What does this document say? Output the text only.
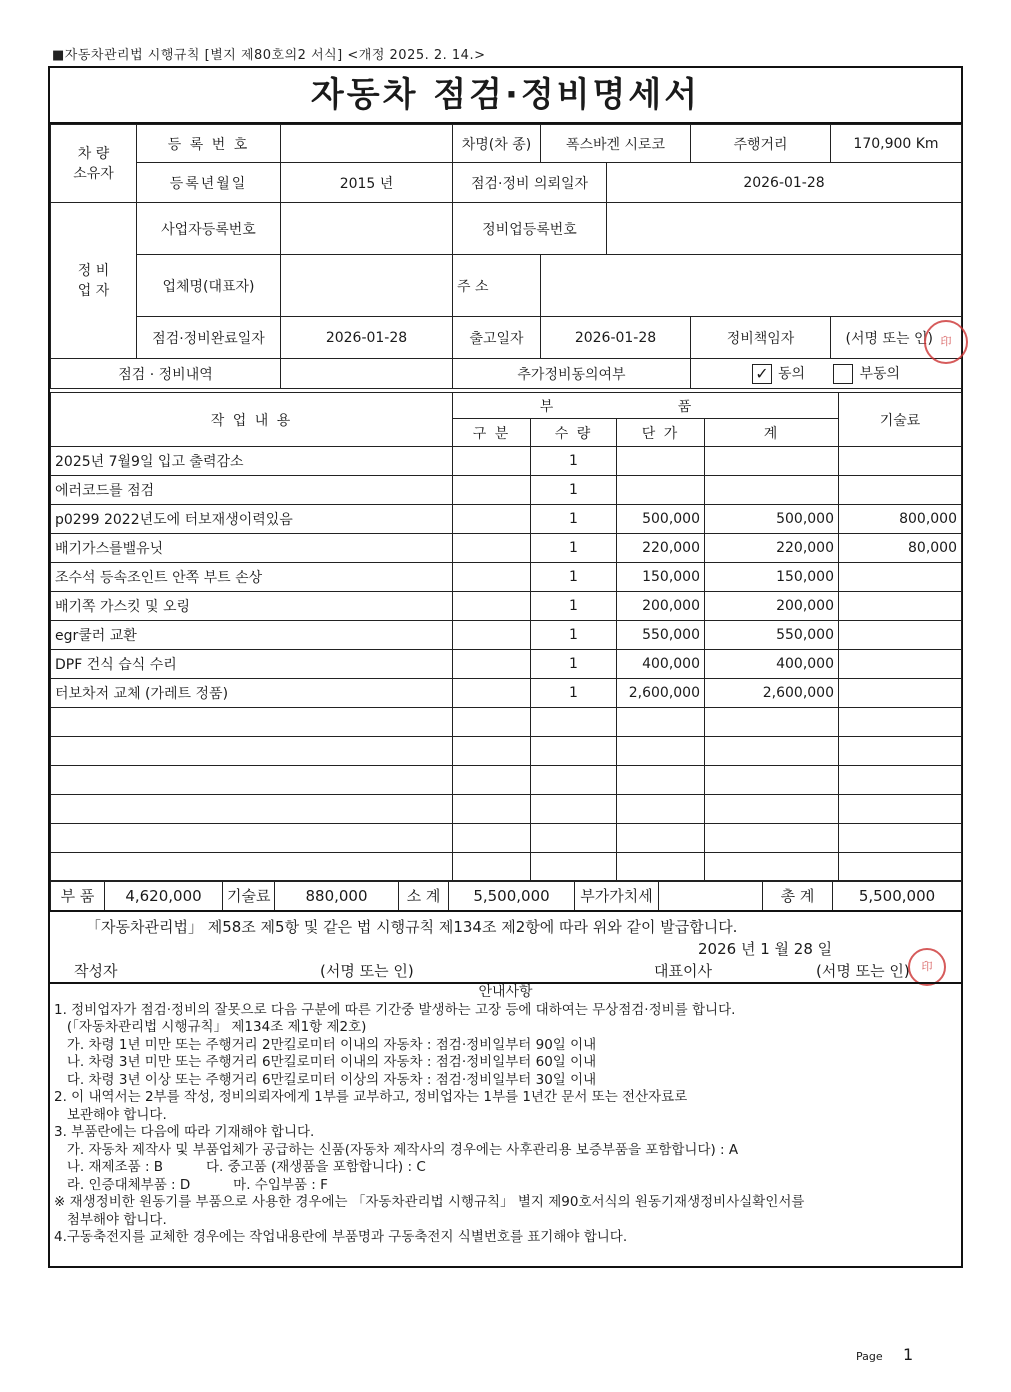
■자동차관리법 시행규칙 [별지 제80호의2 서식] <개정 2025. 2. 14.>
자동차 점검·정비명세서
차 량
소유자	등 록 번 호		차명(차 종)	폭스바겐 시로코		주행거리	170,900 Km
	등록년월일	2015 년	점검·정비 의뢰일자		2026-01-28		
정 비
업 자	사업자등록번호		정비업등록번호				
	업체명(대표자)		주 소				
	점검·정비완료일자	2026-01-28	출고일자	2026-01-28		정비책임자	(서명 또는 인)
점검 · 정비내역			추가정비동의여부			✓ 동의 부동의	
印
작 업 내 용	부 품				기술료
	구 분	수 량	단 가	계	
2025년 7월9일 입고 출력감소		1			
에러코드를 점검		1			
p0299 2022년도에 터보재생이력있음		1	500,000	500,000	800,000
배기가스를밸유닛		1	220,000	220,000	80,000
조수석 등속조인트 안쪽 부트 손상		1	150,000	150,000	
배기쪽 가스킷 및 오링		1	200,000	200,000	
egr쿨러 교환		1	550,000	550,000	
DPF 건식 습식 수리		1	400,000	400,000	
터보차저 교체 (가레트 정품)		1	2,600,000	2,600,000	

부 품	4,620,000	기술료	880,000	소 계	5,500,000	부가가치세		총 계	5,500,000
「자동차관리법」 제58조 제5항 및 같은 법 시행규칙 제134조 제2항에 따라 위와 같이 발급합니다.
2026 년 1 월 28 일
작성자	(서명 또는 인)	대표이사	(서명 또는 인)	印
안내사항
1. 정비업자가 점검·정비의 잘못으로 다음 구분에 따른 기간중 발생하는 고장 등에 대하여는 무상점검·정비를 합니다.
(「자동차관리법 시행규칙」 제134조 제1항 제2호)
가. 차령 1년 미만 또는 주행거리 2만킬로미터 이내의 자동차 : 점검·정비일부터 90일 이내
나. 차령 3년 미만 또는 주행거리 6만킬로미터 이내의 자동차 : 점검·정비일부터 60일 이내
다. 차령 3년 이상 또는 주행거리 6만킬로미터 이상의 자동차 : 점검·정비일부터 30일 이내
2. 이 내역서는 2부를 작성, 정비의뢰자에게 1부를 교부하고, 정비업자는 1부를 1년간 문서 또는 전산자료로
보관해야 합니다.
3. 부품란에는 다음에 따라 기재해야 합니다.
가. 자동차 제작사 및 부품업체가 공급하는 신품(자동차 제작사의 경우에는 사후관리용 보증부품을 포함합니다) : A
나. 재제조품 : B          다. 중고품 (재생품을 포함합니다) : C
라. 인증대체부품 : D          마. 수입부품 : F
※ 재생정비한 원동기를 부품으로 사용한 경우에는 「자동차관리법 시행규칙」 별지 제90호서식의 원동기재생정비사실확인서를
첨부해야 합니다.
4.구동축전지를 교체한 경우에는 작업내용란에 부품명과 구동축전지 식별번호를 표기해야 합니다.
Page 1
